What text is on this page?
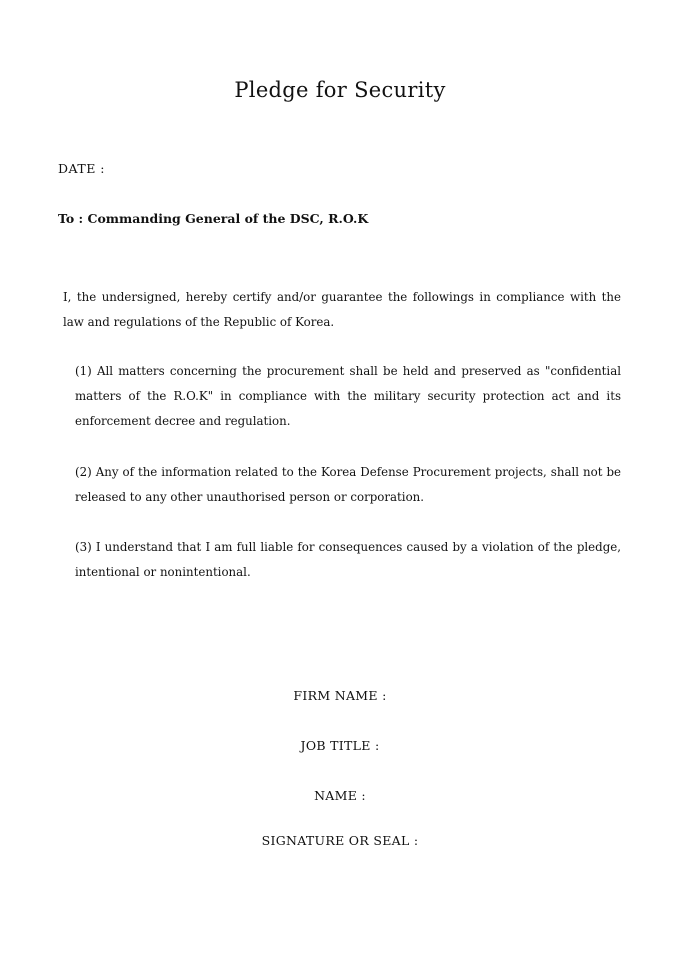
Pledge for Security
DATE :
To : Commanding General of the DSC, R.O.K
I, the undersigned, hereby certify and/or guarantee the followings in compliance with the law and regulations of the Republic of Korea.
(1) All matters concerning the procurement shall be held and preserved as "confidential matters of the R.O.K" in compliance with the military security protection act and its enforcement decree and regulation.
(2) Any of the information related to the Korea Defense Procurement projects, shall not be released to any other unauthorised person or corporation.
(3) I understand that I am full liable for consequences caused by a violation of the pledge, intentional or nonintentional.
FIRM NAME :
JOB TITLE :
NAME :
SIGNATURE OR SEAL :
